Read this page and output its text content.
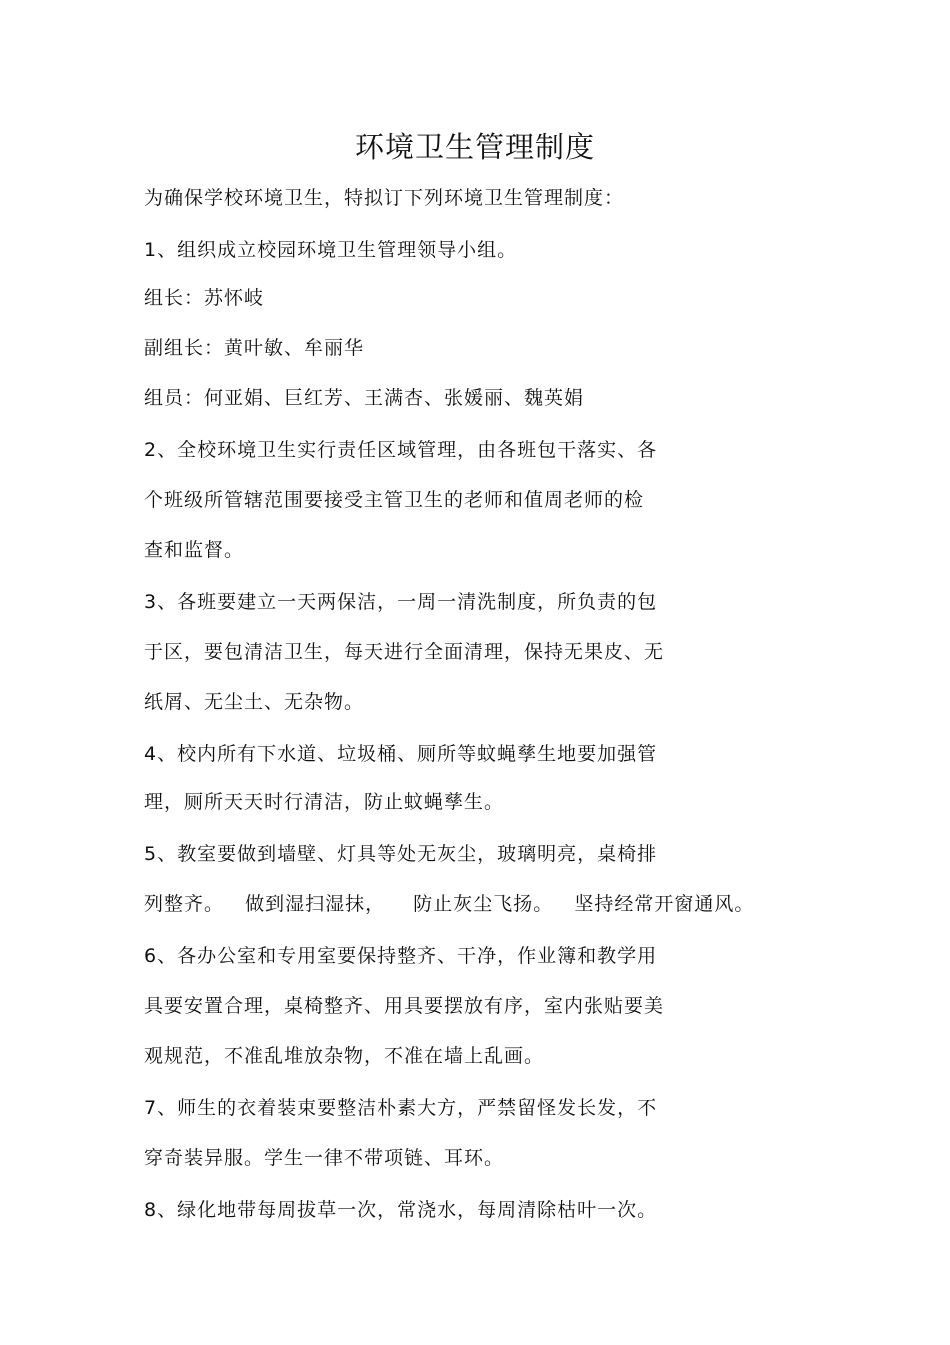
环境卫生管理制度
为确保学校环境卫生，特拟订下列环境卫生管理制度：
1、组织成立校园环境卫生管理领导小组。
组长：苏怀岐
副组长：黄叶敏、牟丽华
组员：何亚娟、巨红芳、王满杏、张媛丽、魏英娟
2、全校环境卫生实行责任区域管理，由各班包干落实、各
个班级所管辖范围要接受主管卫生的老师和值周老师的检
查和监督。
3、各班要建立一天两保洁，一周一清洗制度，所负责的包
于区，要包清洁卫生，每天进行全面清理，保持无果皮、无
纸屑、无尘土、无杂物。
4、校内所有下水道、垃圾桶、厕所等蚊蝇孳生地要加强管
理，厕所天天时行清洁，防止蚊蝇孳生。
5、教室要做到墙壁、灯具等处无灰尘，玻璃明亮，桌椅排
列整齐。   做到湿扫湿抹，    防止灰尘飞扬。   坚持经常开窗通风。
6、各办公室和专用室要保持整齐、干净，作业簿和教学用
具要安置合理，桌椅整齐、用具要摆放有序，室内张贴要美
观规范，不准乱堆放杂物，不准在墙上乱画。
7、师生的衣着装束要整洁朴素大方，严禁留怪发长发，不
穿奇装异服。学生一律不带项链、耳环。
8、绿化地带每周拔草一次，常浇水，每周清除枯叶一次。
